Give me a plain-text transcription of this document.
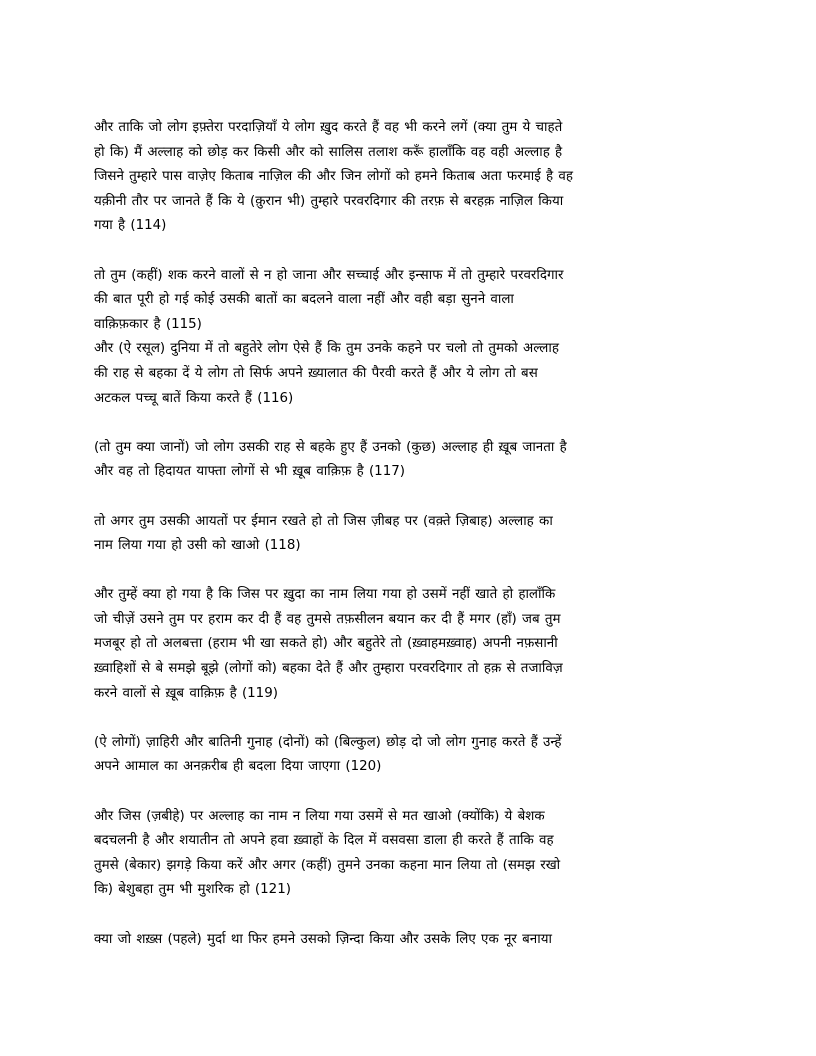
और ताकि जो लोग इफ़्तेरा परदाज़ियाँ ये लोग ख़ुद करते हैं वह भी करने लगें (क्या तुम ये चाहते
हो कि) मैं अल्लाह को छोड़ कर किसी और को सालिस तलाश करूँ हालाँकि वह वही अल्लाह है
जिसने तुम्हारे पास वाज़ेए किताब नाज़िल की और जिन लोगों को हमने किताब अता फरमाई है वह
यक़ीनी तौर पर जानते हैं कि ये (क़ुरान भी) तुम्हारे परवरदिगार की तरफ़ से बरहक़ नाज़िल किया
गया है (114)

तो तुम (कहीं) शक करने वालों से न हो जाना और सच्चाई और इन्साफ में तो तुम्हारे परवरदिगार
की बात पूरी हो गई कोई उसकी बातों का बदलने वाला नहीं और वही बड़ा सुनने वाला
वाक़िफ़कार है (115)

और (ऐ रसूल) दुनिया में तो बहुतेरे लोग ऐसे हैं कि तुम उनके कहने पर चलो तो तुमको अल्लाह
की राह से बहका दें ये लोग तो सिर्फ अपने ख़्यालात की पैरवी करते हैं और ये लोग तो बस
अटकल पच्चू बातें किया करते हैं (116)

(तो तुम क्या जानों) जो लोग उसकी राह से बहके हुए हैं उनको (कुछ) अल्लाह ही ख़ूब जानता है
और वह तो हिदायत याफ्ता लोगों से भी ख़ूब वाक़िफ़ है (117)

तो अगर तुम उसकी आयतों पर ईमान रखते हो तो जिस ज़ीबह पर (वक़्ते ज़िबाह) अल्लाह का
नाम लिया गया हो उसी को खाओ (118)

और तुम्हें क्या हो गया है कि जिस पर ख़ुदा का नाम लिया गया हो उसमें नहीं खाते हो हालाँकि
जो चीज़ें उसने तुम पर हराम कर दी हैं वह तुमसे तफ़सीलन बयान कर दी हैं मगर (हाँ) जब तुम
मजबूर हो तो अलबत्ता (हराम भी खा सकते हो) और बहुतेरे तो (ख़्वाहमख़्वाह) अपनी नफ़सानी
ख़्वाहिशों से बे समझे बूझे (लोगों को) बहका देते हैं और तुम्हारा परवरदिगार तो हक़ से तजाविज़
करने वालों से ख़ूब वाक़िफ़ है (119)

(ऐ लोगों) ज़ाहिरी और बातिनी गुनाह (दोनों) को (बिल्कुल) छोड़ दो जो लोग गुनाह करते हैं उन्हें
अपने आमाल का अनक़रीब ही बदला दिया जाएगा (120)

और जिस (ज़बीहे) पर अल्लाह का नाम न लिया गया उसमें से मत खाओ (क्योंकि) ये बेशक
बदचलनी है और शयातीन तो अपने हवा ख़्वाहों के दिल में वसवसा डाला ही करते हैं ताकि वह
तुमसे (बेकार) झगड़े किया करें और अगर (कहीं) तुमने उनका कहना मान लिया तो (समझ रखो
कि) बेशुबहा तुम भी मुशरिक हो (121)

क्या जो शख़्स (पहले) मुर्दा था फिर हमने उसको ज़िन्दा किया और उसके लिए एक नूर बनाया
